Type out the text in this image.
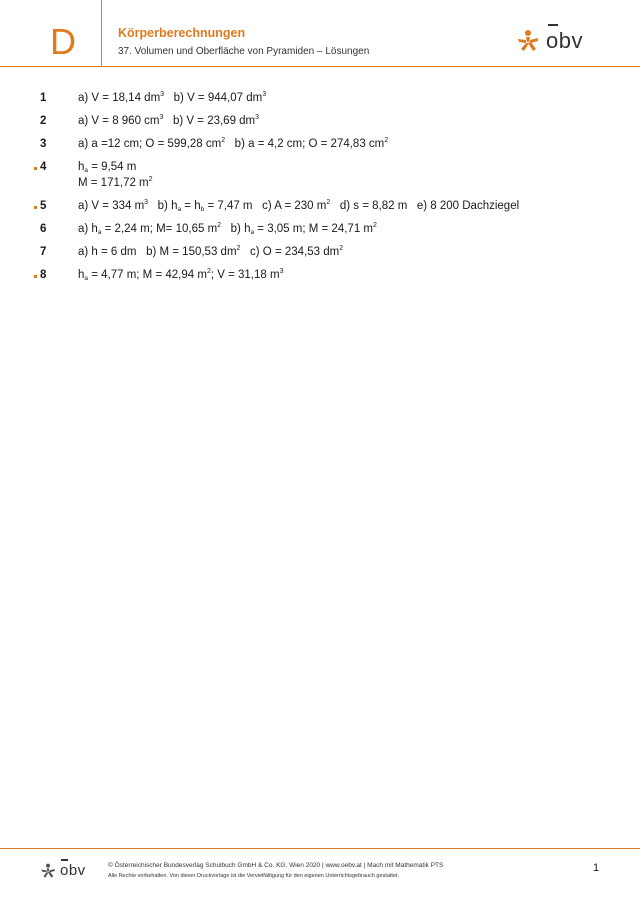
D	Körperberechnungen
37. Volumen und Oberfläche von Pyramiden – Lösungen	obv
1	a) V = 18,14 $dm^3$   b) V = 944,07 $dm^3$
2	a) V = 8 960 $cm^3$   b) V = 23,69 $dm^3$
3	a) a =12 cm; O = 599,28 $cm^2$   b) a = 4,2 cm; O = 274,83 $cm^2$
4	$h_a = 9,54$ m
M = 171,72 $m^2$
5	a) V = 334 $m^3$   b) $h_a = h_b = 7,47$ m   c) A = 230 $m^2$   d) s = 8,82 m   e) 8 200 Dachziegel
6	a) $h_a = 2,24$ m; M= 10,65 $m^2$   b) $h_a = 3,05$ m; M = 24,71 $m^2$
7	a) h = 6 dm   b) M = 150,53 $dm^2$   c) O = 234,53 $dm^2$
8	$h_a = 4,77$ m; M = 42,94 $m^2$; V = 31,18 $m^3$
obv	© Österreichischer Bundesverlag Schulbuch GmbH & Co. KG, Wien 2020 | www.oebv.at | Mach mit Mathematik PTS
Alle Rechte vorbehalten. Von dieser Druckvorlage ist die Vervielfältigung für den eigenen Unterrichtsgebrauch gestattet.
1
